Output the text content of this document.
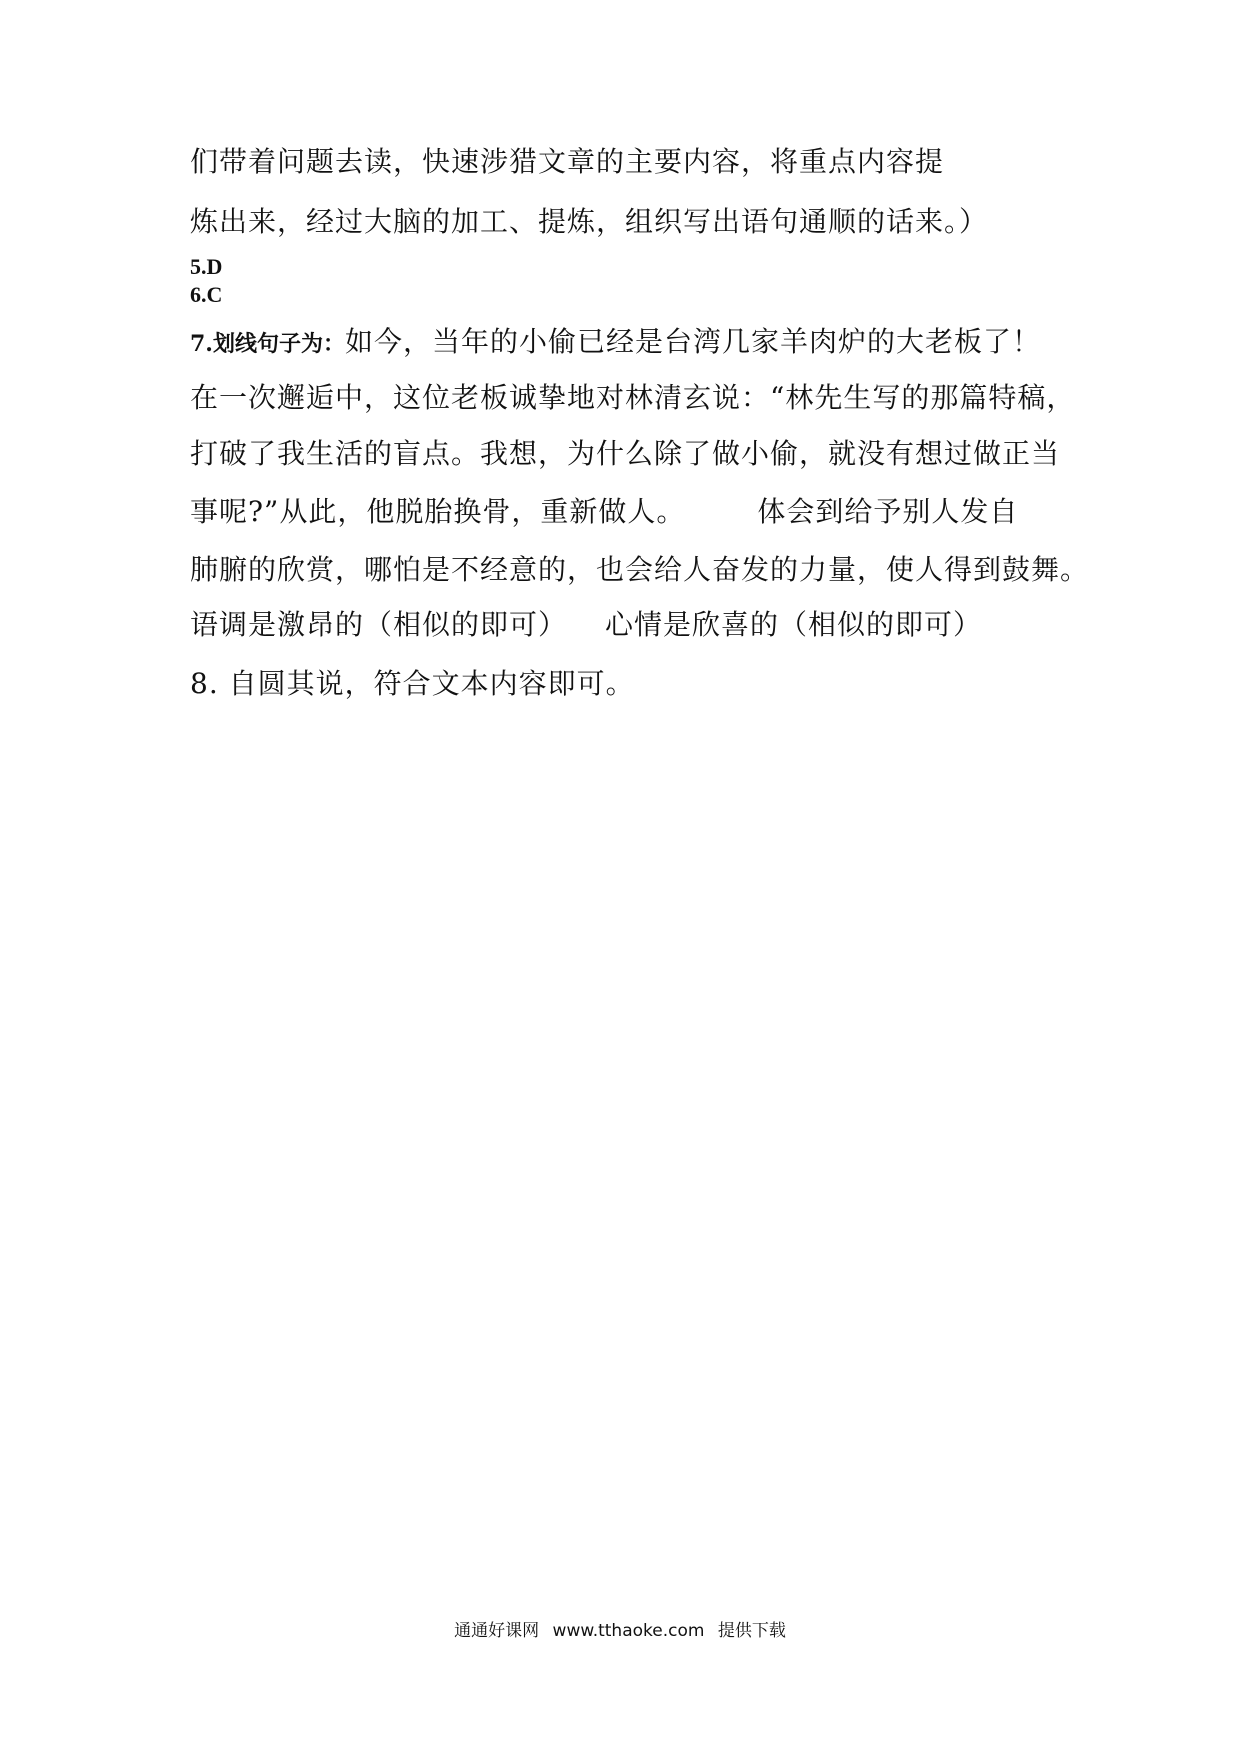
们带着问题去读，快速涉猎文章的主要内容，将重点内容提
炼出来，经过大脑的加工、提炼，组织写出语句通顺的话来。）
5.D
6.C
7.划线句子为：如今，当年的小偷已经是台湾几家羊肉炉的大老板了！
在一次邂逅中，这位老板诚挚地对林清玄说：“林先生写的那篇特稿，
打破了我生活的盲点。我想，为什么除了做小偷，就没有想过做正当
事呢?”从此，他脱胎换骨，重新做人。	体会到给予别人发自
肺腑的欣赏，哪怕是不经意的，也会给人奋发的力量，使人得到鼓舞。
语调是激昂的（相似的即可） 心情是欣喜的（相似的即可）
8. 自圆其说，符合文本内容即可。
通通好课网 www.tthaoke.com 提供下载
